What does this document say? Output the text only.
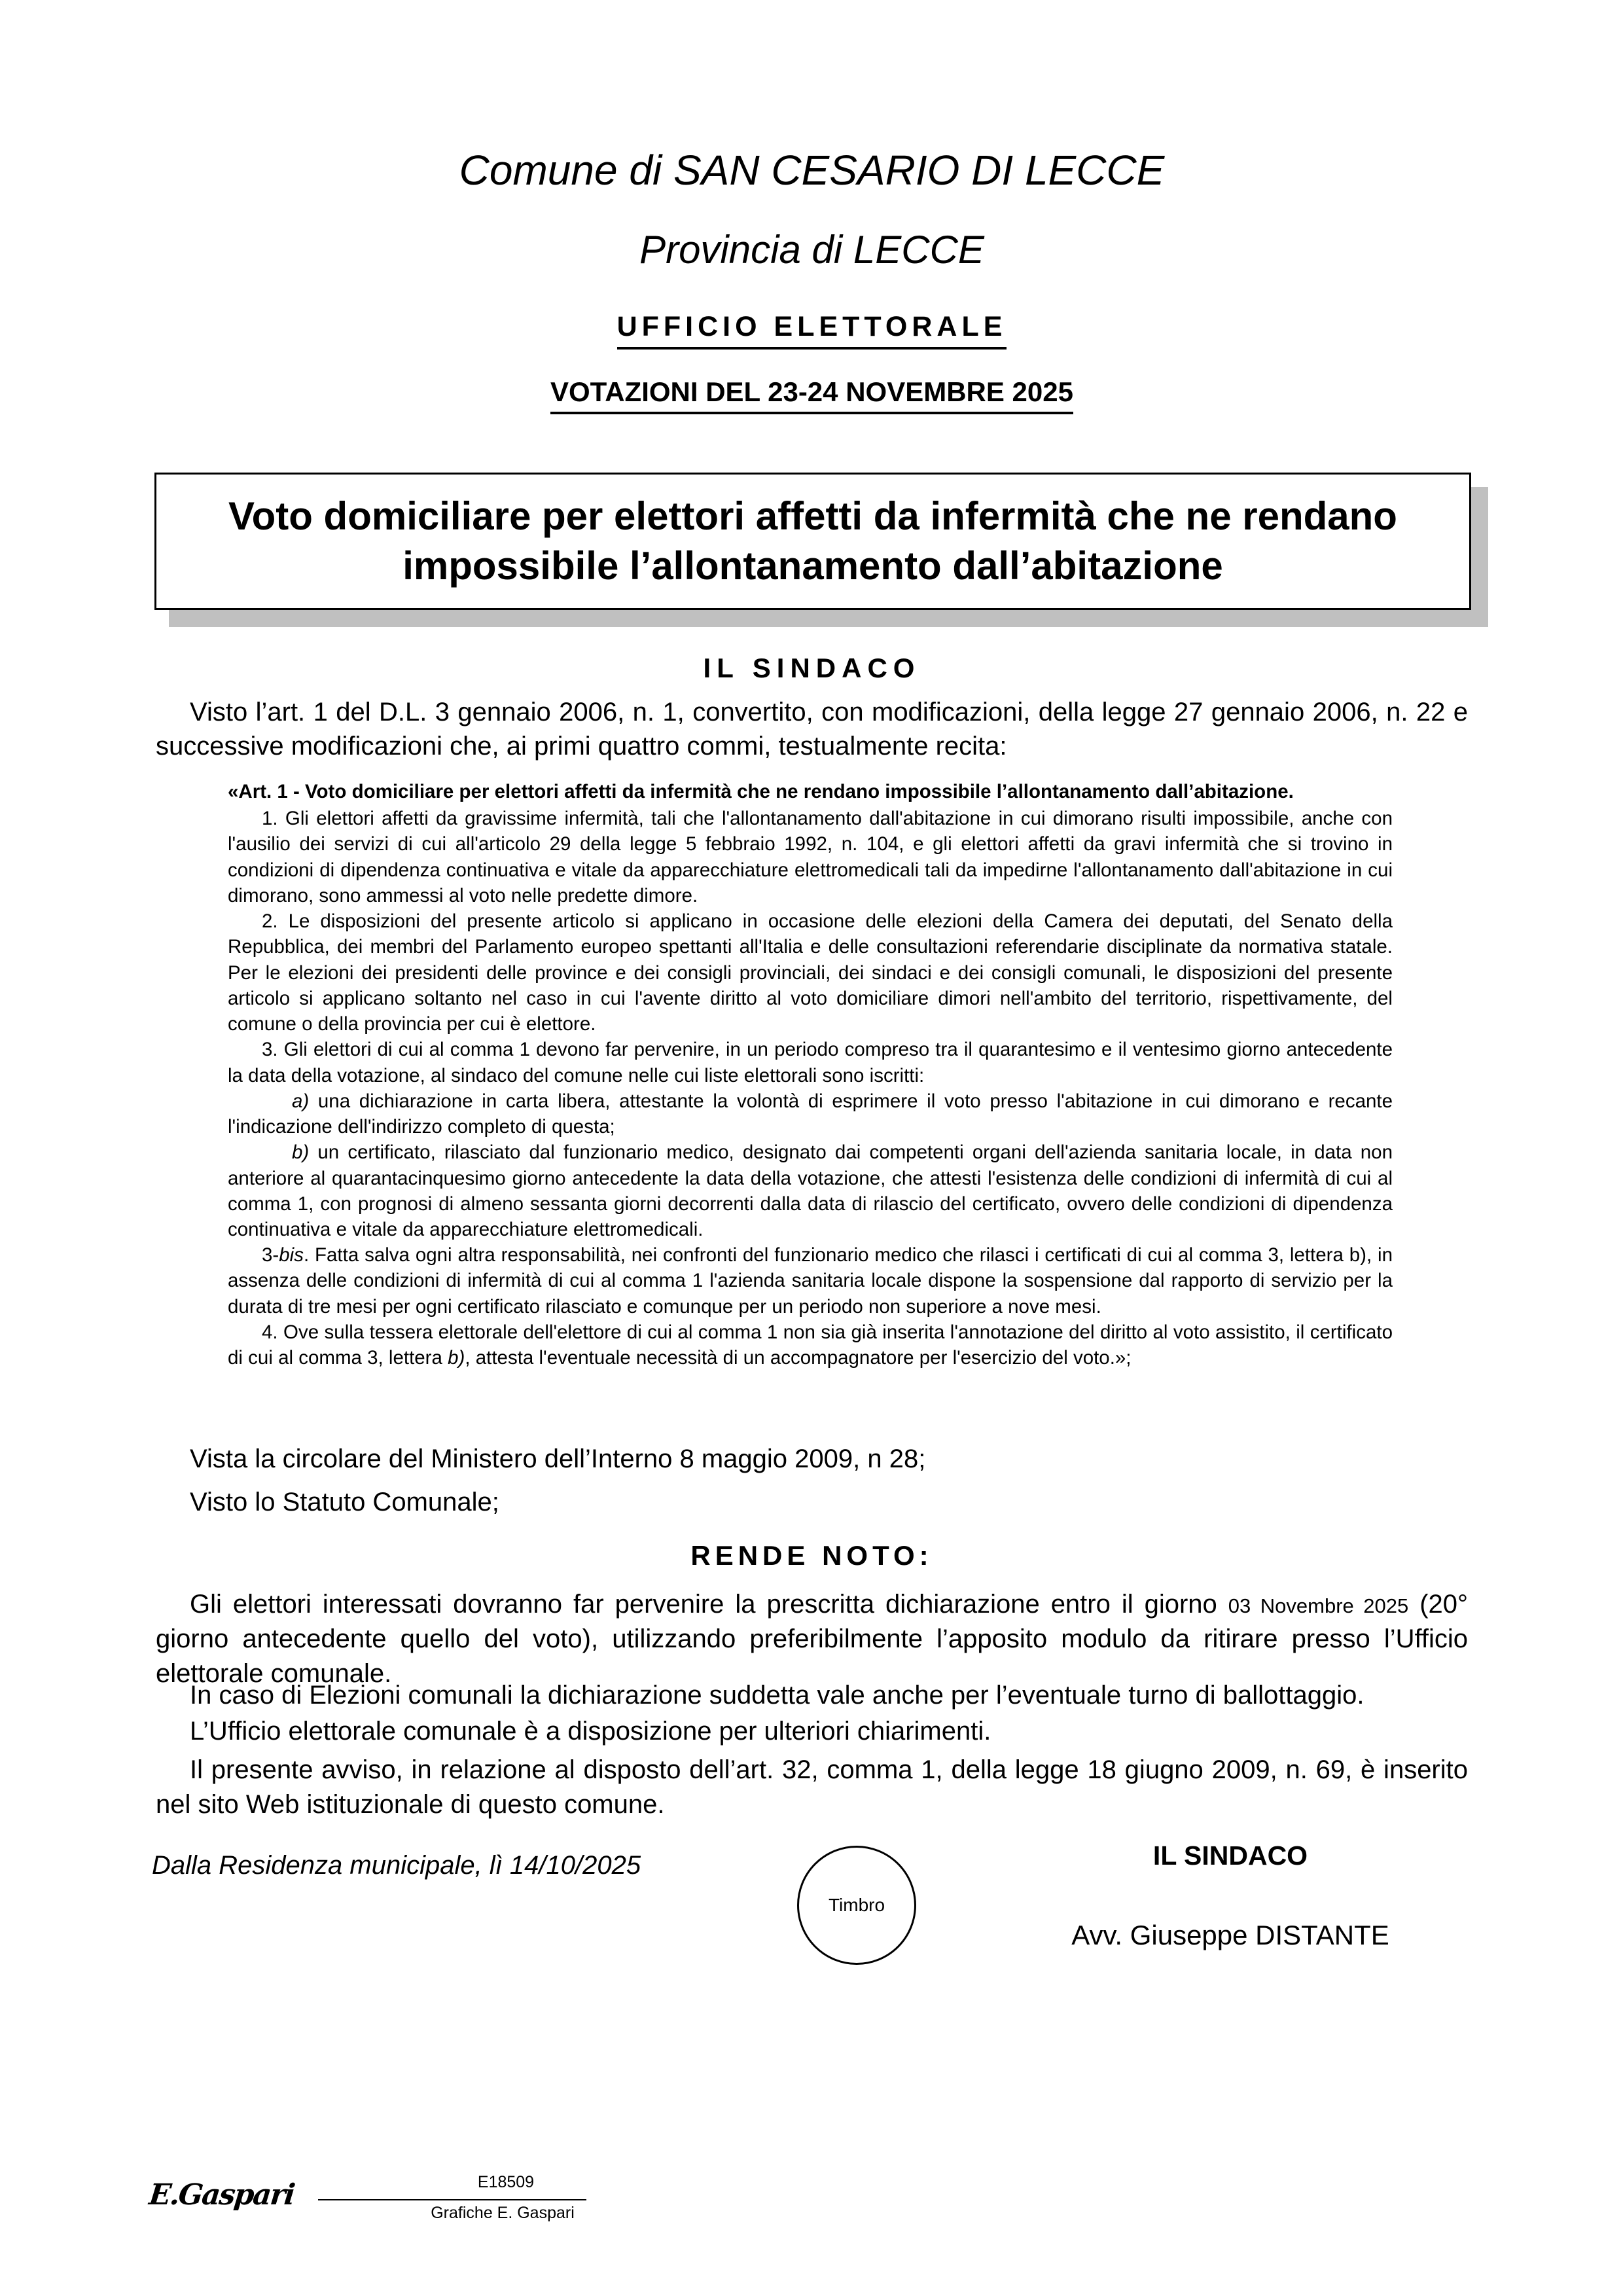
Comune di SAN CESARIO DI LECCE
Provincia di LECCE
UFFICIO ELETTORALE
VOTAZIONI DEL 23-24 NOVEMBRE 2025
Voto domiciliare per elettori affetti da infermità che ne rendano impossibile l’allontanamento dall’abitazione
IL SINDACO
Visto l’art. 1 del D.L. 3 gennaio 2006, n. 1, convertito, con modificazioni, della legge 27 gennaio 2006, n. 22 e successive modificazioni che, ai primi quattro commi, testualmente recita:

«Art. 1 - Voto domiciliare per elettori affetti da infermità che ne rendano impossibile l’allontanamento dall’abitazione.

1. Gli elettori affetti da gravissime infermità, tali che l'allontanamento dall'abitazione in cui dimorano risulti impossibile, anche con l'ausilio dei servizi di cui all'articolo 29 della legge 5 febbraio 1992, n. 104, e gli elettori affetti da gravi infermità che si trovino in condizioni di dipendenza continuativa e vitale da apparecchiature elettromedicali tali da impedirne l'allontanamento dall'abitazione in cui dimorano, sono ammessi al voto nelle predette dimore.

2. Le disposizioni del presente articolo si applicano in occasione delle elezioni della Camera dei deputati, del Senato della Repubblica, dei membri del Parlamento europeo spettanti all'Italia e delle consultazioni referendarie disciplinate da normativa statale. Per le elezioni dei presidenti delle province e dei consigli provinciali, dei sindaci e dei consigli comunali, le disposizioni del presente articolo si applicano soltanto nel caso in cui l'avente diritto al voto domiciliare dimori nell'ambito del territorio, rispettivamente, del comune o della provincia per cui è elettore.

3. Gli elettori di cui al comma 1 devono far pervenire, in un periodo compreso tra il quarantesimo e il ventesimo giorno antecedente la data della votazione, al sindaco del comune nelle cui liste elettorali sono iscritti:

a) una dichiarazione in carta libera, attestante la volontà di esprimere il voto presso l'abitazione in cui dimorano e recante l'indicazione dell'indirizzo completo di questa;

b) un certificato, rilasciato dal funzionario medico, designato dai competenti organi dell'azienda sanitaria locale, in data non anteriore al quarantacinquesimo giorno antecedente la data della votazione, che attesti l'esistenza delle condizioni di infermità di cui al comma 1, con prognosi di almeno sessanta giorni decorrenti dalla data di rilascio del certificato, ovvero delle condizioni di dipendenza continuativa e vitale da apparecchiature elettromedicali.

3-bis. Fatta salva ogni altra responsabilità, nei confronti del funzionario medico che rilasci i certificati di cui al comma 3, lettera b), in assenza delle condizioni di infermità di cui al comma 1 l'azienda sanitaria locale dispone la sospensione dal rapporto di servizio per la durata di tre mesi per ogni certificato rilasciato e comunque per un periodo non superiore a nove mesi.

4. Ove sulla tessera elettorale dell'elettore di cui al comma 1 non sia già inserita l'annotazione del diritto al voto assistito, il certificato di cui al comma 3, lettera b), attesta l'eventuale necessità di un accompagnatore per l'esercizio del voto.»;

Vista la circolare del Ministero dell’Interno 8 maggio 2009, n 28;
Visto lo Statuto Comunale;
RENDE NOTO:
Gli elettori interessati dovranno far pervenire la prescritta dichiarazione entro il giorno 03 Novembre 2025 (20° giorno antecedente quello del voto), utilizzando preferibilmente l’apposito modulo da ritirare presso l’Ufficio elettorale comunale.
In caso di Elezioni comunali la dichiarazione suddetta vale anche per l’eventuale turno di ballottaggio.
L’Ufficio elettorale comunale è a disposizione per ulteriori chiarimenti.
Il presente avviso, in relazione al disposto dell’art. 32, comma 1, della legge 18 giugno 2009, n. 69, è inserito nel sito Web istituzionale di questo comune.
Dalla Residenza municipale, lì 14/10/2025
Timbro
IL SINDACO
Avv. Giuseppe DISTANTE
E.Gaspari	E18509
Grafiche E. Gaspari
